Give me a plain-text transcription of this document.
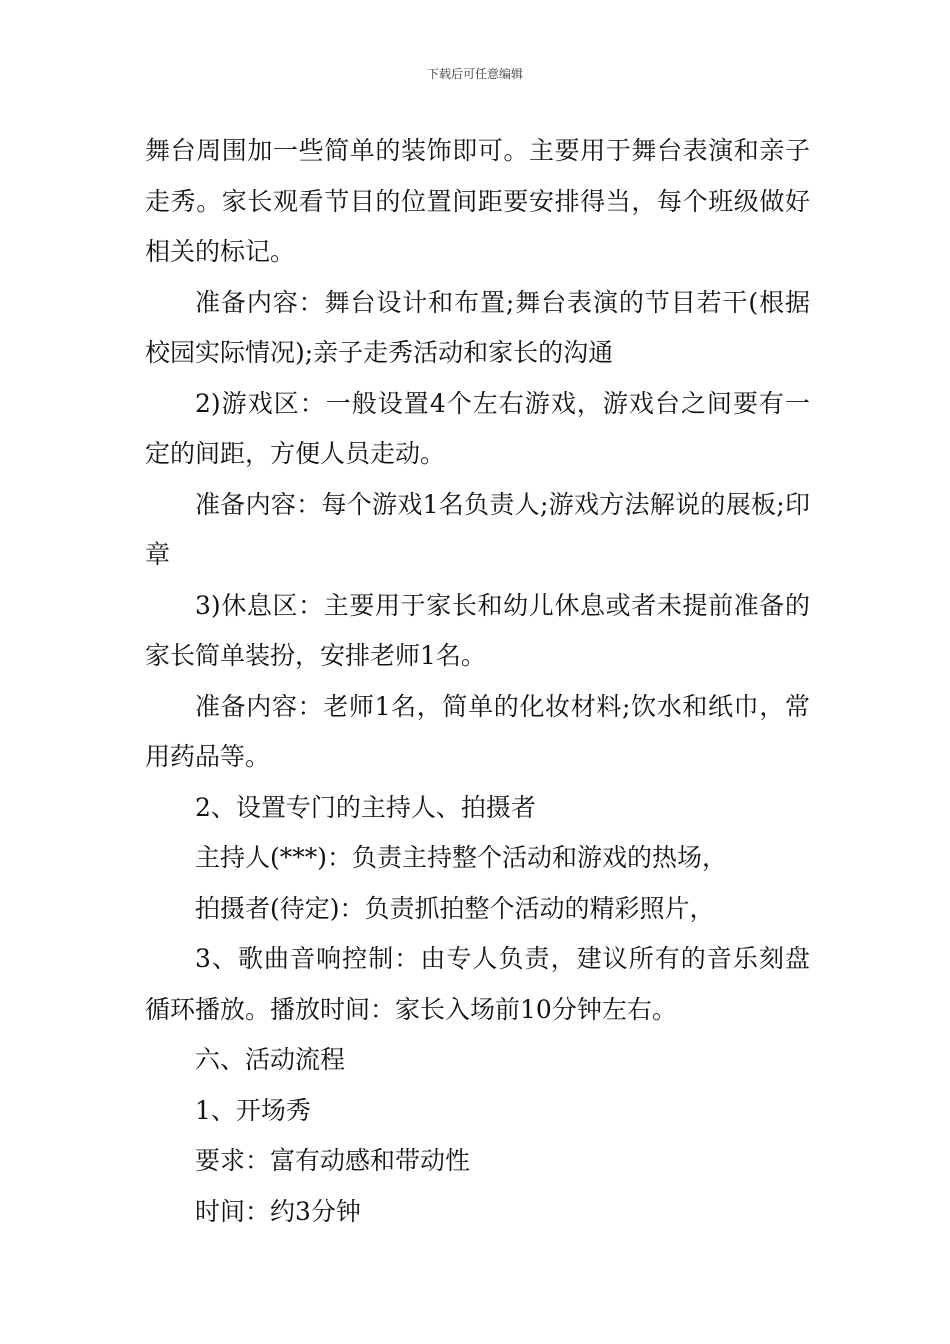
下载后可任意编辑

舞台周围加一些简单的装饰即可。主要用于舞台表演和亲子走秀。家长观看节目的位置间距要安排得当，每个班级做好相关的标记。

准备内容：舞台设计和布置;舞台表演的节目若干(根据校园实际情况);亲子走秀活动和家长的沟通

2)游戏区：一般设置4个左右游戏，游戏台之间要有一定的间距，方便人员走动。

准备内容：每个游戏1名负责人;游戏方法解说的展板;印章

3)休息区：主要用于家长和幼儿休息或者未提前准备的家长简单装扮，安排老师1名。

准备内容：老师1名，简单的化妆材料;饮水和纸巾，常用药品等。

2、设置专门的主持人、拍摄者

主持人(***)：负责主持整个活动和游戏的热场，

拍摄者(待定)：负责抓拍整个活动的精彩照片，

3、歌曲音响控制：由专人负责，建议所有的音乐刻盘循环播放。播放时间：家长入场前10分钟左右。

六、活动流程

1、开场秀

要求：富有动感和带动性

时间：约3分钟
